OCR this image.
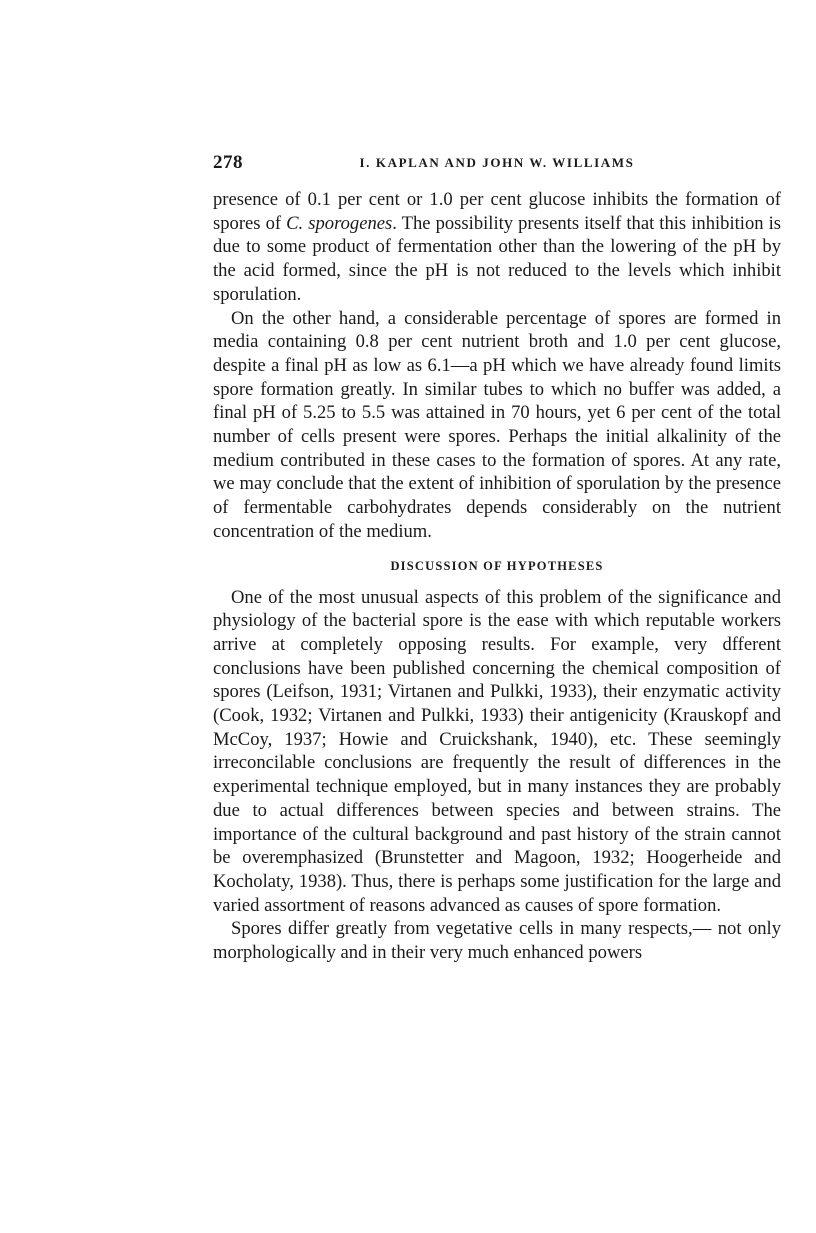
278	I. KAPLAN AND JOHN W. WILLIAMS

presence of 0.1 per cent or 1.0 per cent glucose inhibits the formation of spores of C. sporogenes. The possibility presents itself that this inhibition is due to some product of fermentation other than the lowering of the pH by the acid formed, since the pH is not reduced to the levels which inhibit sporulation.

On the other hand, a considerable percentage of spores are formed in media containing 0.8 per cent nutrient broth and 1.0 per cent glucose, despite a final pH as low as 6.1—a pH which we have already found limits spore formation greatly. In similar tubes to which no buffer was added, a final pH of 5.25 to 5.5 was attained in 70 hours, yet 6 per cent of the total number of cells present were spores. Perhaps the initial alkalinity of the medium contributed in these cases to the formation of spores. At any rate, we may conclude that the extent of inhibition of sporulation by the presence of fermentable carbohydrates depends considerably on the nutrient concentration of the medium.

DISCUSSION OF HYPOTHESES

One of the most unusual aspects of this problem of the significance and physiology of the bacterial spore is the ease with which reputable workers arrive at completely opposing results. For example, very dfferent conclusions have been published concerning the chemical composition of spores (Leifson, 1931; Virtanen and Pulkki, 1933), their enzymatic activity (Cook, 1932; Virtanen and Pulkki, 1933) their antigenicity (Krauskopf and McCoy, 1937; Howie and Cruickshank, 1940), etc. These seemingly irreconcilable conclusions are frequently the result of differences in the experimental technique employed, but in many instances they are probably due to actual differences between species and between strains. The importance of the cultural background and past history of the strain cannot be overemphasized (Brunstetter and Magoon, 1932; Hoogerheide and Kocholaty, 1938). Thus, there is perhaps some justification for the large and varied assortment of reasons advanced as causes of spore formation.

Spores differ greatly from vegetative cells in many respects,— not only morphologically and in their very much enhanced powers
